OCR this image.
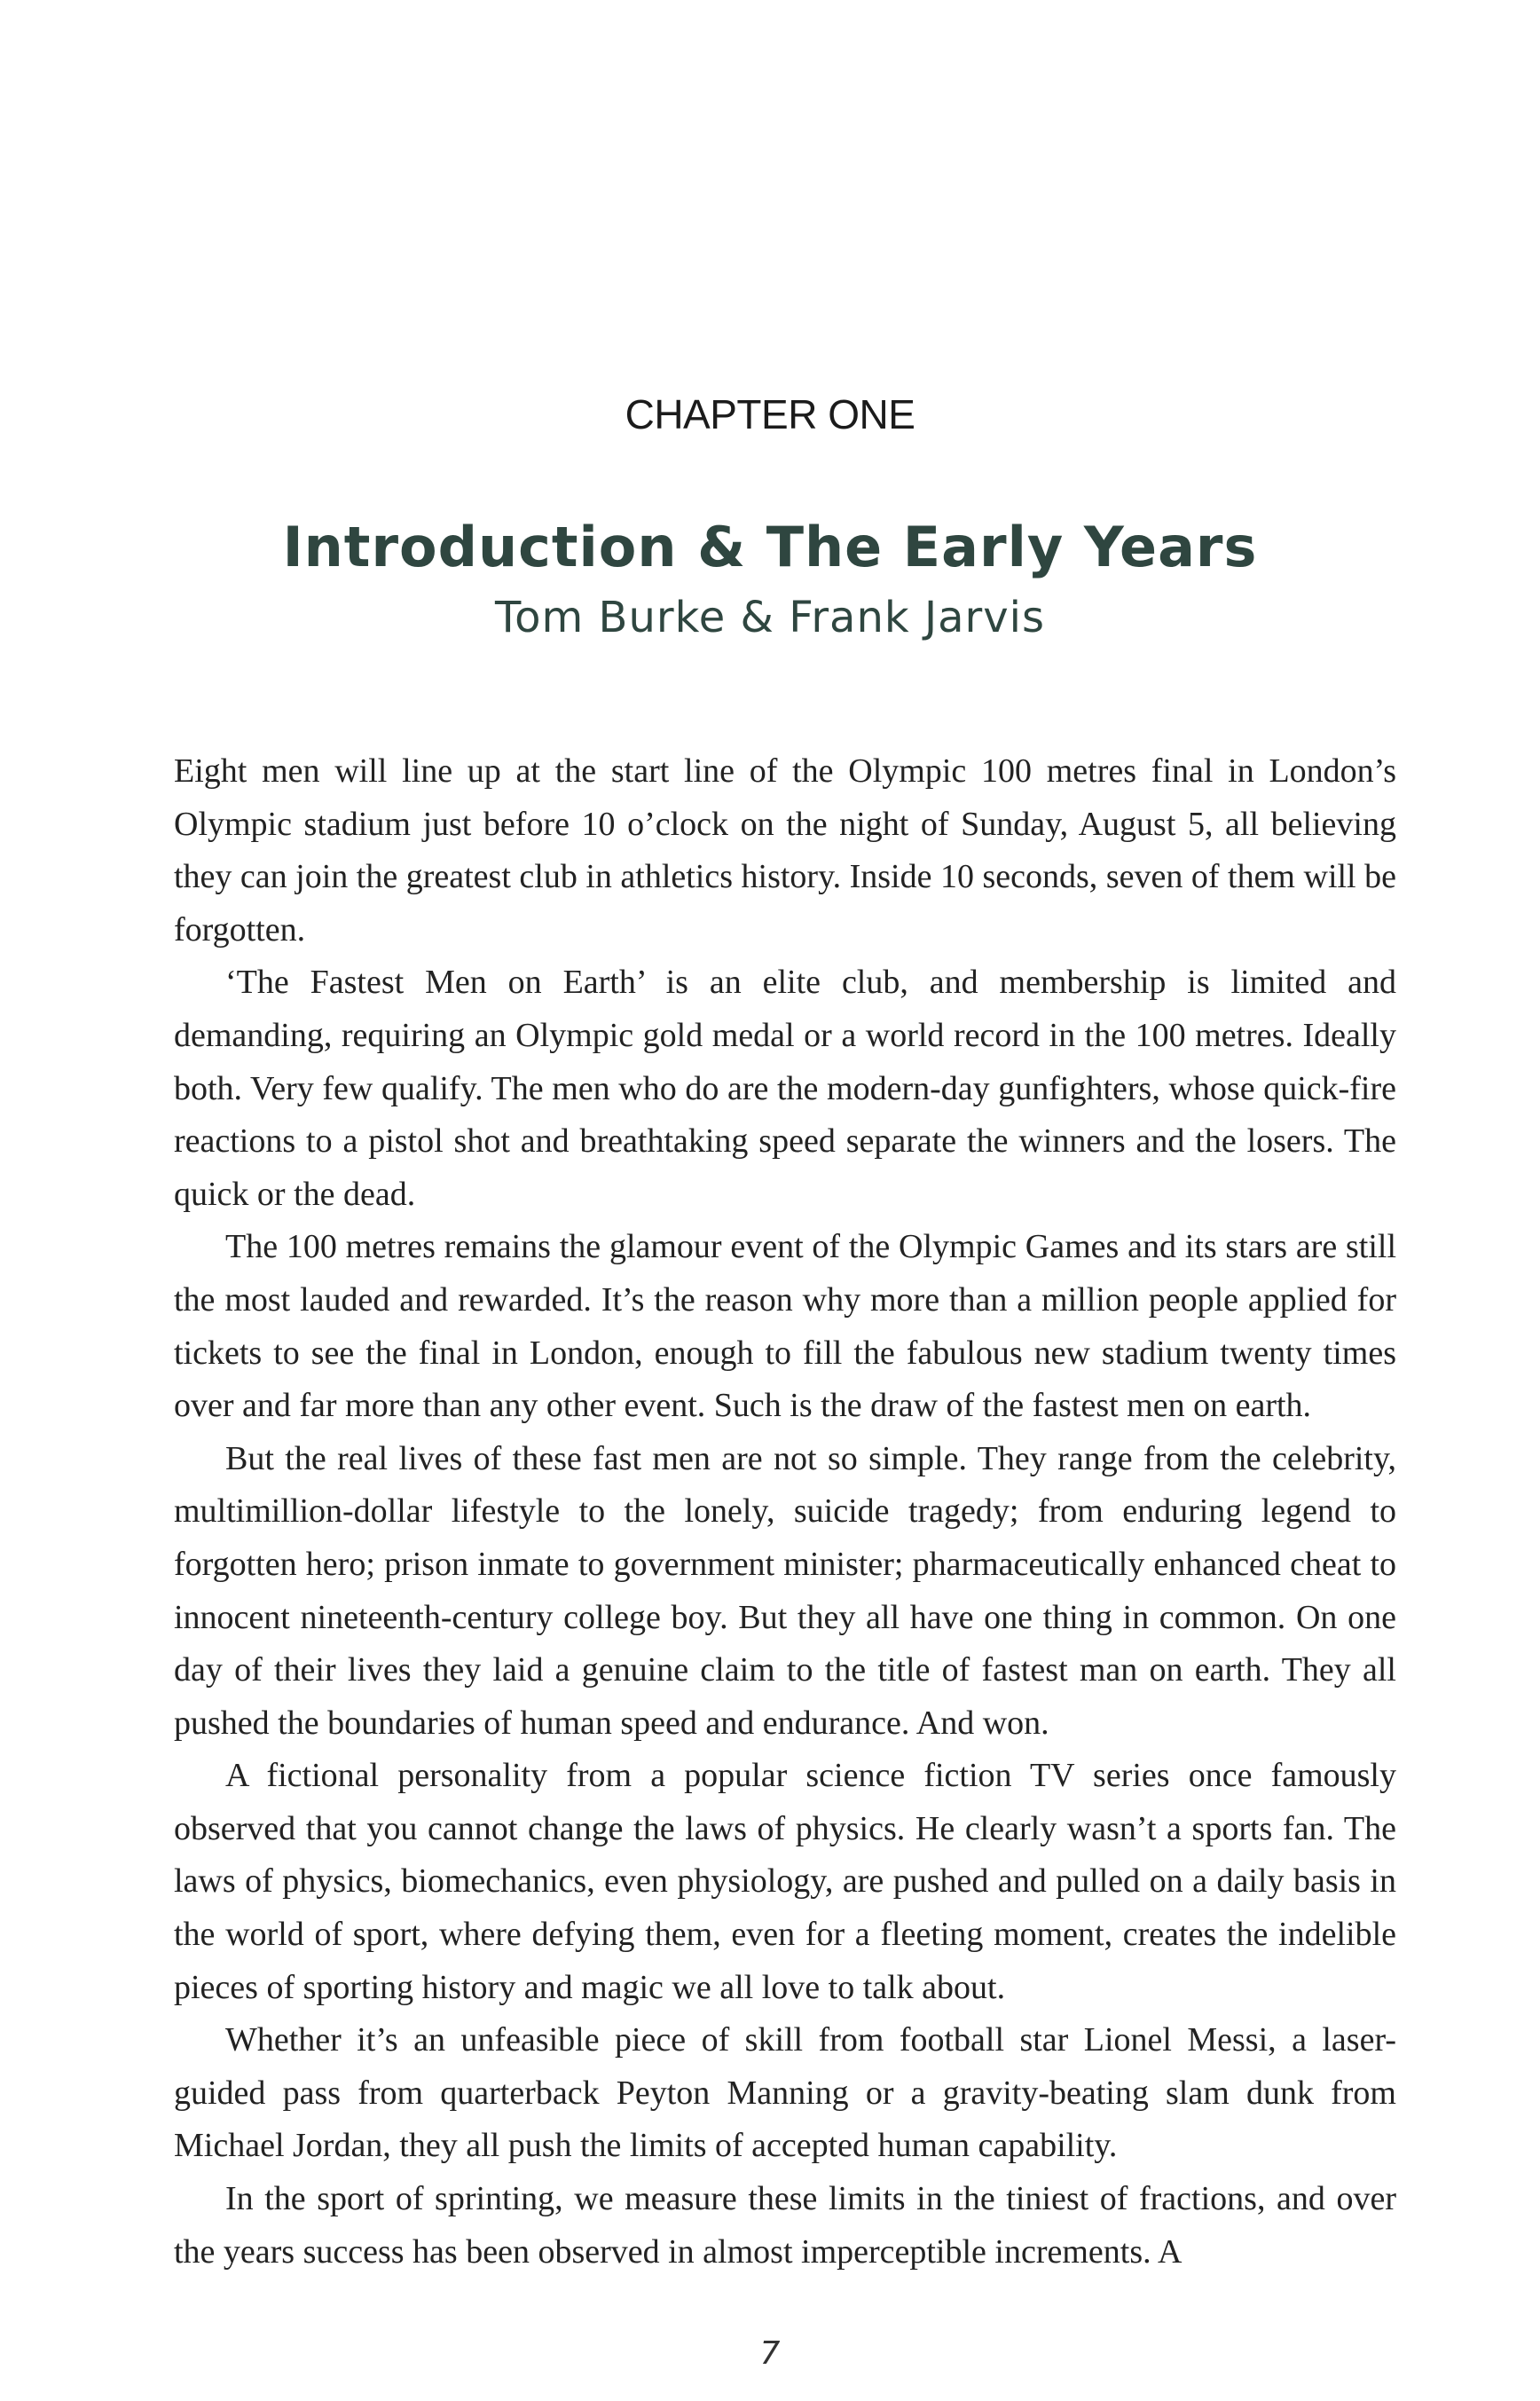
CHAPTER ONE
Introduction & The Early Years
Tom Burke & Frank Jarvis

Eight men will line up at the start line of the Olympic 100 metres final in London’s Olympic stadium just before 10 o’clock on the night of Sunday, August 5, all believing they can join the greatest club in athletics history. Inside 10 seconds, seven of them will be forgotten.

‘The Fastest Men on Earth’ is an elite club, and membership is limited and demanding, requiring an Olympic gold medal or a world record in the 100 metres. Ideally both. Very few qualify. The men who do are the modern-day gunfighters, whose quick-fire reactions to a pistol shot and breathtaking speed separate the winners and the losers. The quick or the dead.

The 100 metres remains the glamour event of the Olympic Games and its stars are still the most lauded and rewarded. It’s the reason why more than a million people applied for tickets to see the final in London, enough to fill the fabulous new stadium twenty times over and far more than any other event. Such is the draw of the fastest men on earth.

But the real lives of these fast men are not so simple. They range from the celebrity, multimillion-dollar lifestyle to the lonely, suicide tragedy; from enduring legend to forgotten hero; prison inmate to government minister; pharmaceutically enhanced cheat to innocent nineteenth-century college boy. But they all have one thing in common. On one day of their lives they laid a genuine claim to the title of fastest man on earth. They all pushed the boundaries of human speed and endurance. And won.

A fictional personality from a popular science fiction TV series once famously observed that you cannot change the laws of physics. He clearly wasn’t a sports fan. The laws of physics, biomechanics, even physiology, are pushed and pulled on a daily basis in the world of sport, where defying them, even for a fleeting moment, creates the indelible pieces of sporting history and magic we all love to talk about.

Whether it’s an unfeasible piece of skill from football star Lionel Messi, a laser-guided pass from quarterback Peyton Manning or a gravity-beating slam dunk from Michael Jordan, they all push the limits of accepted human capability.

In the sport of sprinting, we measure these limits in the tiniest of fractions, and over the years success has been observed in almost imperceptible increments. A

7
